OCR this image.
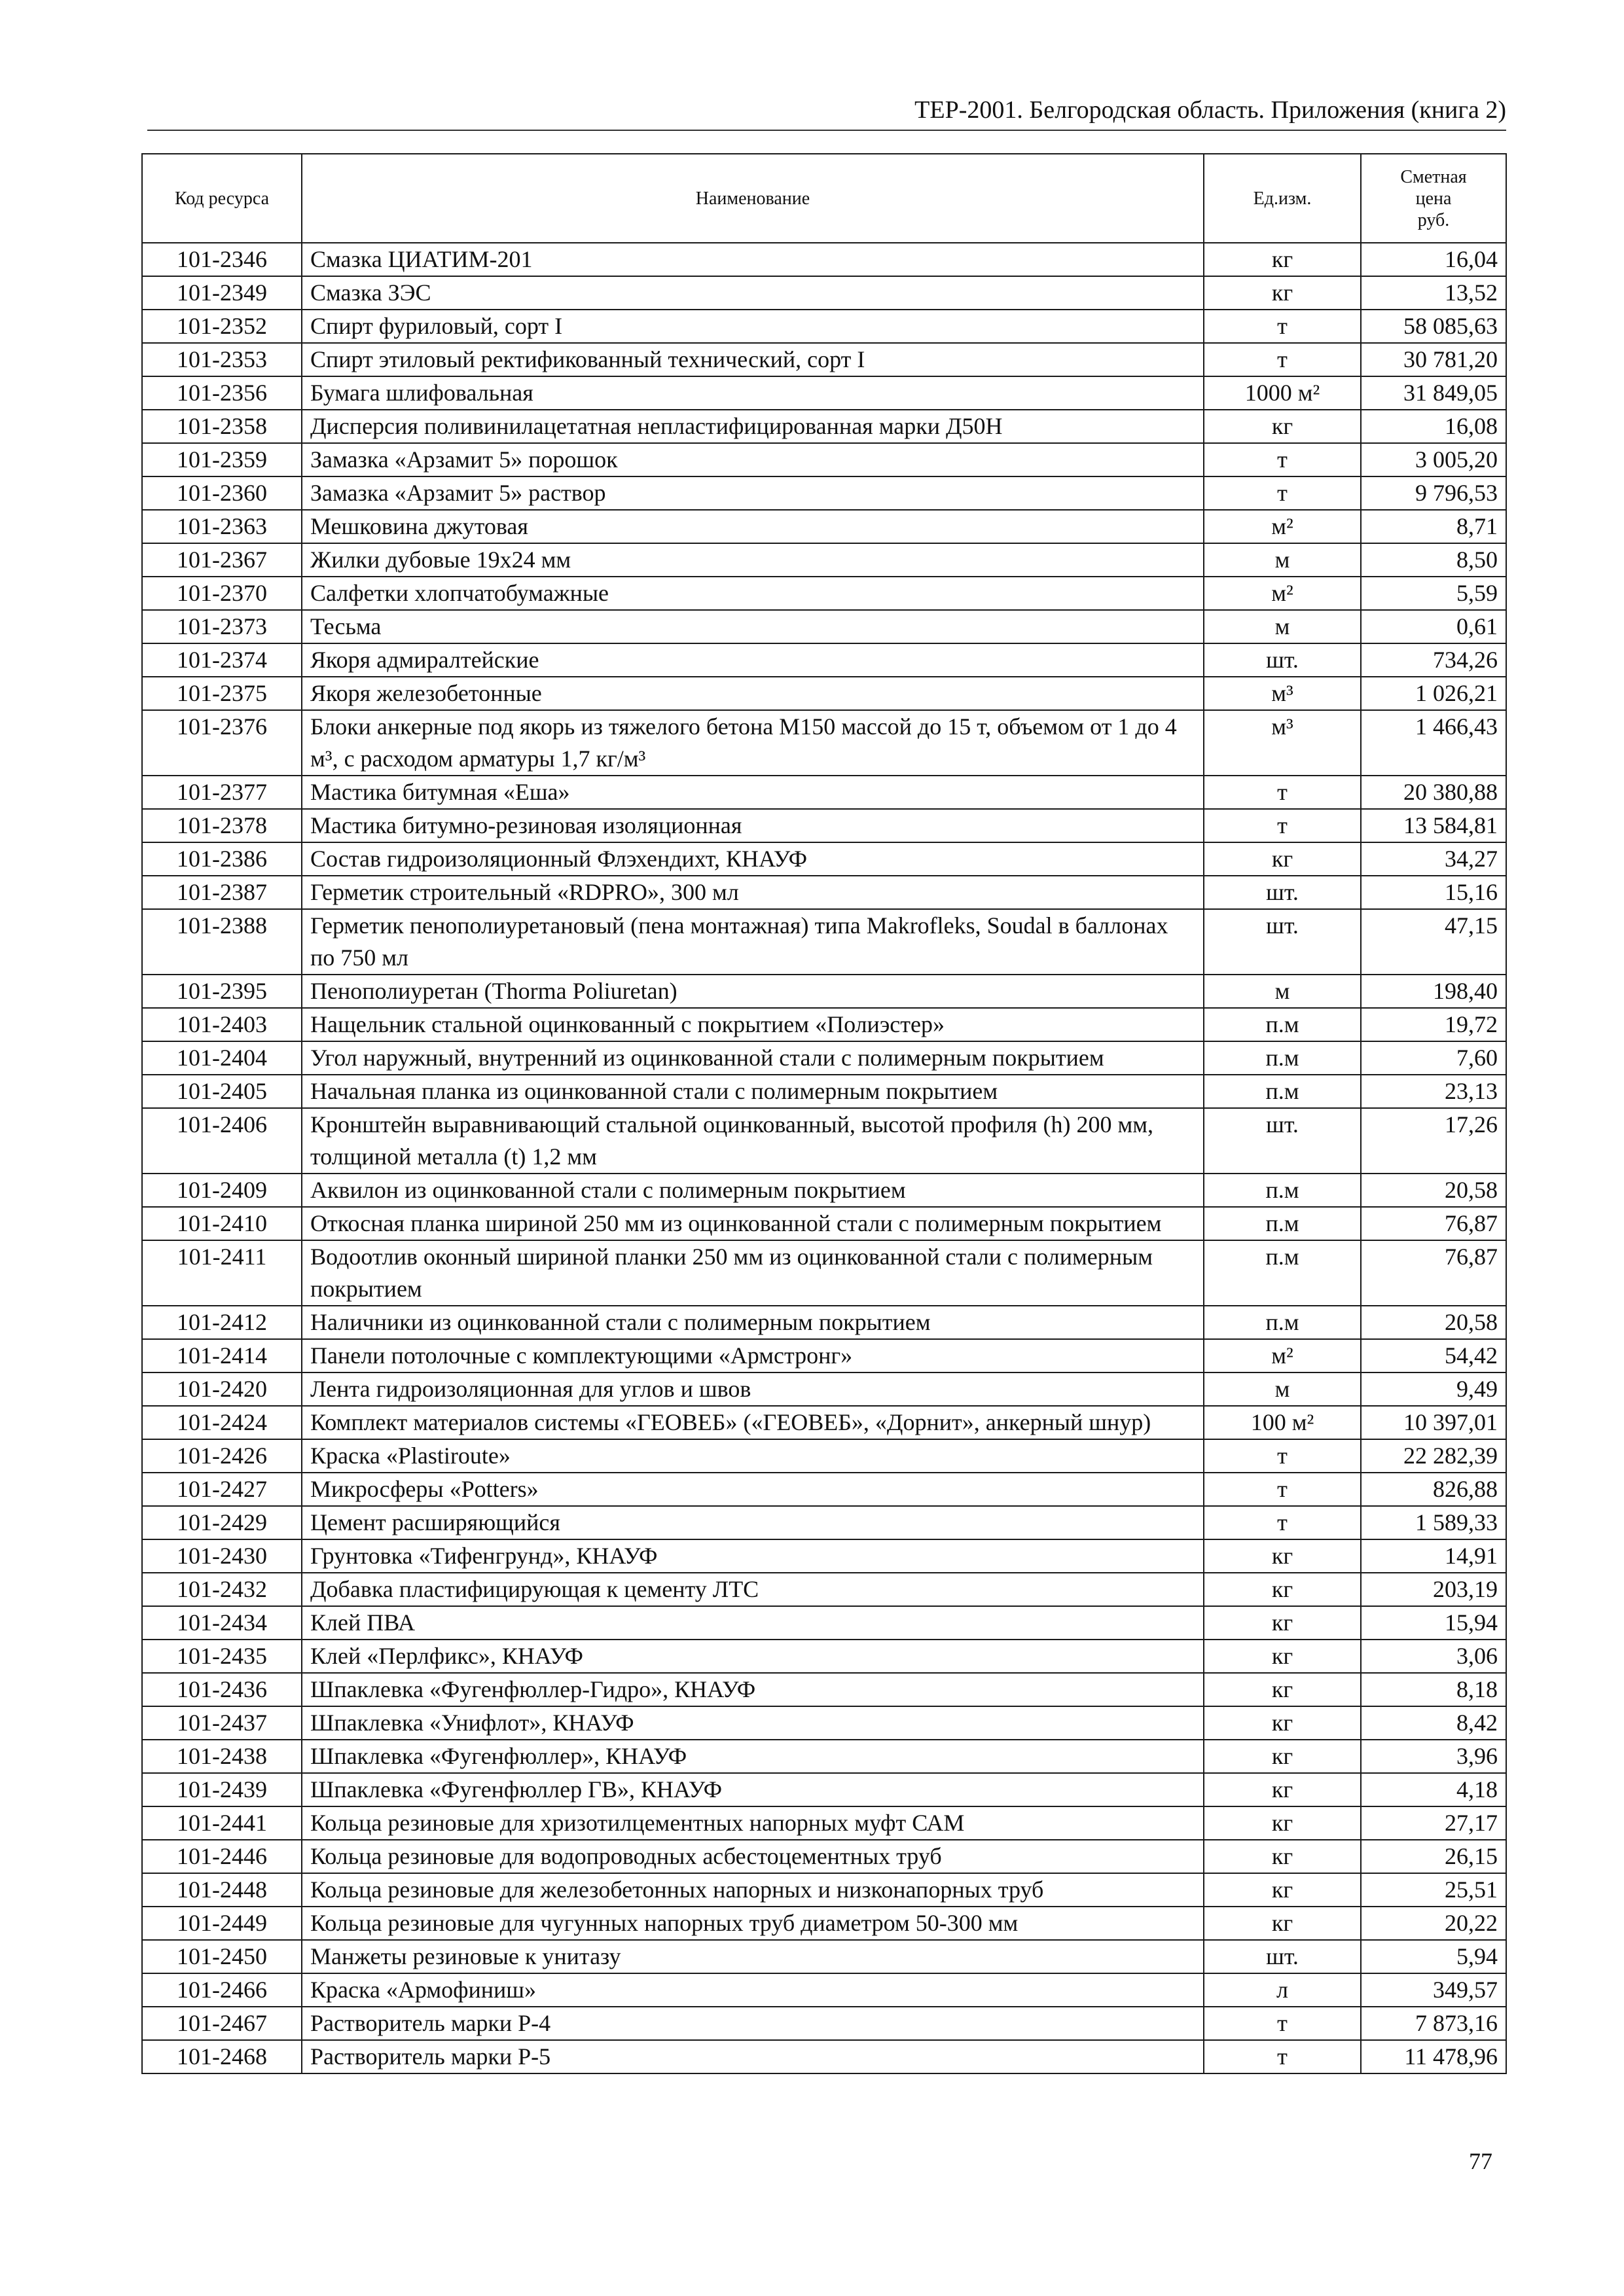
ТЕР-2001. Белгородская область. Приложения (книга 2)
Код ресурса	Наименование	Ед.изм.	Сметная
цена
руб.
101-2346	Смазка ЦИАТИМ-201	кг	16,04
101-2349	Смазка ЗЭС	кг	13,52
101-2352	Спирт фуриловый, сорт I	т	58 085,63
101-2353	Спирт этиловый ректификованный технический, сорт I	т	30 781,20
101-2356	Бумага шлифовальная	1000 м²	31 849,05
101-2358	Дисперсия поливинилацетатная непластифицированная марки Д50Н	кг	16,08
101-2359	Замазка «Арзамит 5» порошок	т	3 005,20
101-2360	Замазка «Арзамит 5» раствор	т	9 796,53
101-2363	Мешковина джутовая	м²	8,71
101-2367	Жилки дубовые 19х24 мм	м	8,50
101-2370	Салфетки хлопчатобумажные	м²	5,59
101-2373	Тесьма	м	0,61
101-2374	Якоря адмиралтейские	шт.	734,26
101-2375	Якоря железобетонные	м³	1 026,21
101-2376	Блоки анкерные под якорь из тяжелого бетона М150 массой до 15 т, объемом от 1 до 4 м³, с расходом арматуры 1,7 кг/м³	м³	1 466,43
101-2377	Мастика битумная «Еша»	т	20 380,88
101-2378	Мастика битумно-резиновая изоляционная	т	13 584,81
101-2386	Состав гидроизоляционный Флэхендихт, КНАУФ	кг	34,27
101-2387	Герметик строительный «RDPRO», 300 мл	шт.	15,16
101-2388	Герметик пенополиуретановый (пена монтажная) типа Makrofleks, Soudal в баллонах по 750 мл	шт.	47,15
101-2395	Пенополиуретан (Thorma Poliuretan)	м	198,40
101-2403	Нащельник стальной оцинкованный с покрытием «Полиэстер»	п.м	19,72
101-2404	Угол наружный, внутренний из оцинкованной стали с полимерным покрытием	п.м	7,60
101-2405	Начальная планка из оцинкованной стали с полимерным покрытием	п.м	23,13
101-2406	Кронштейн выравнивающий стальной оцинкованный, высотой профиля (h) 200 мм, толщиной металла (t) 1,2 мм	шт.	17,26
101-2409	Аквилон из оцинкованной стали с полимерным покрытием	п.м	20,58
101-2410	Откосная планка шириной 250 мм из оцинкованной стали с полимерным покрытием	п.м	76,87
101-2411	Водоотлив оконный шириной планки 250 мм из оцинкованной стали с полимерным покрытием	п.м	76,87
101-2412	Наличники из оцинкованной стали с полимерным покрытием	п.м	20,58
101-2414	Панели потолочные с комплектующими «Армстронг»	м²	54,42
101-2420	Лента гидроизоляционная для углов и швов	м	9,49
101-2424	Комплект материалов системы «ГЕОВЕБ» («ГЕОВЕБ», «Дорнит», анкерный шнур)	100 м²	10 397,01
101-2426	Краска «Plastiroute»	т	22 282,39
101-2427	Микросферы «Potters»	т	826,88
101-2429	Цемент расширяющийся	т	1 589,33
101-2430	Грунтовка «Тифенгрунд», КНАУФ	кг	14,91
101-2432	Добавка пластифицирующая к цементу ЛТС	кг	203,19
101-2434	Клей ПВА	кг	15,94
101-2435	Клей «Перлфикс», КНАУФ	кг	3,06
101-2436	Шпаклевка «Фугенфюллер-Гидро», КНАУФ	кг	8,18
101-2437	Шпаклевка «Унифлот», КНАУФ	кг	8,42
101-2438	Шпаклевка «Фугенфюллер», КНАУФ	кг	3,96
101-2439	Шпаклевка «Фугенфюллер ГВ», КНАУФ	кг	4,18
101-2441	Кольца резиновые для хризотилцементных напорных муфт САМ	кг	27,17
101-2446	Кольца резиновые для водопроводных асбестоцементных труб	кг	26,15
101-2448	Кольца резиновые для железобетонных напорных и низконапорных труб	кг	25,51
101-2449	Кольца резиновые для чугунных напорных труб диаметром 50-300 мм	кг	20,22
101-2450	Манжеты резиновые к унитазу	шт.	5,94
101-2466	Краска «Армофиниш»	л	349,57
101-2467	Растворитель марки Р-4	т	7 873,16
101-2468	Растворитель марки Р-5	т	11 478,96
77
